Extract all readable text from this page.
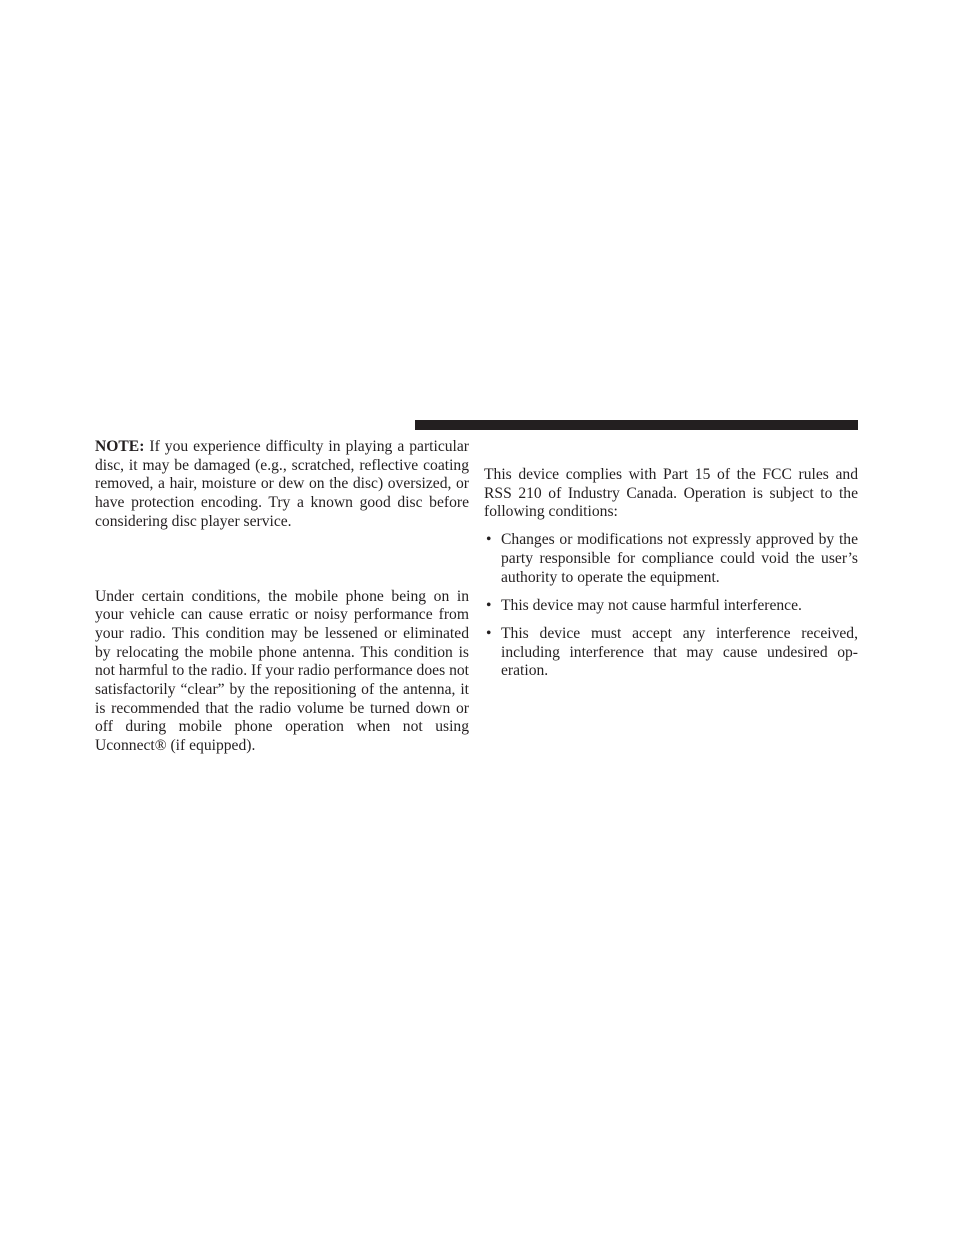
NOTE: If you experience difficulty in playing a particular disc, it may be damaged (e.g., scratched, reflective coating removed, a hair, moisture or dew on the disc) oversized, or have protection encoding. Try a known good disc before considering disc player service.

Under certain conditions, the mobile phone being on in your vehicle can cause erratic or noisy performance from your radio. This condition may be lessened or eliminated by relocating the mobile phone antenna. This condition is not harmful to the radio. If your radio performance does not satisfactorily “clear” by the repositioning of the antenna, it is recommended that the radio volume be turned down or off during mobile phone operation when not using Uconnect® (if equipped).

This device complies with Part 15 of the FCC rules and RSS 210 of Industry Canada. Operation is subject to the following conditions:

• Changes or modifications not expressly approved by the party responsible for compliance could void the user’s authority to operate the equipment.
• This device may not cause harmful interference.
• This device must accept any interference received, including interference that may cause undesired operation.
